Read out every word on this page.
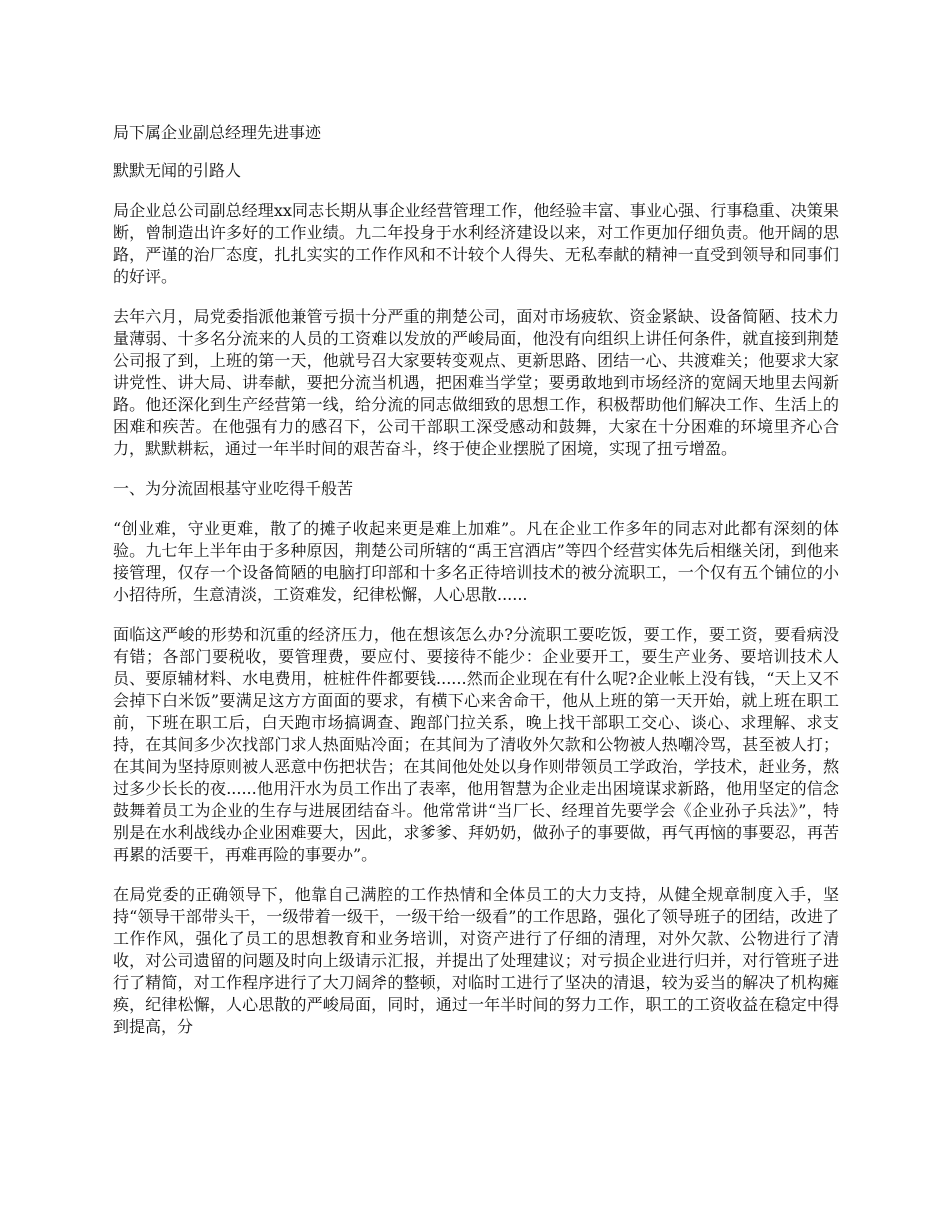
局下属企业副总经理先进事迹

默默无闻的引路人

局企业总公司副总经理xx同志长期从事企业经营管理工作，他经验丰富、事业心强、行事稳重、决策果断，曾制造出许多好的工作业绩。九二年投身于水利经济建设以来，对工作更加仔细负责。他开阔的思路，严谨的治厂态度，扎扎实实的工作作风和不计较个人得失、无私奉献的精神一直受到领导和同事们的好评。

去年六月，局党委指派他兼管亏损十分严重的荆楚公司，面对市场疲软、资金紧缺、设备简陋、技术力量薄弱、十多名分流来的人员的工资难以发放的严峻局面，他没有向组织上讲任何条件，就直接到荆楚公司报了到，上班的第一天，他就号召大家要转变观点、更新思路、团结一心、共渡难关；他要求大家讲党性、讲大局、讲奉献，要把分流当机遇，把困难当学堂；要勇敢地到市场经济的宽阔天地里去闯新路。他还深化到生产经营第一线，给分流的同志做细致的思想工作，积极帮助他们解决工作、生活上的困难和疾苦。在他强有力的感召下，公司干部职工深受感动和鼓舞，大家在十分困难的环境里齐心合力，默默耕耘，通过一年半时间的艰苦奋斗，终于使企业摆脱了困境，实现了扭亏增盈。

一、为分流固根基守业吃得千般苦

“创业难，守业更难，散了的摊子收起来更是难上加难”。凡在企业工作多年的同志对此都有深刻的体验。九七年上半年由于多种原因，荆楚公司所辖的“禹王宫酒店”等四个经营实体先后相继关闭，到他来接管理，仅存一个设备简陋的电脑打印部和十多名正待培训技术的被分流职工，一个仅有五个铺位的小小招待所，生意清淡，工资难发，纪律松懈，人心思散......

面临这严峻的形势和沉重的经济压力，他在想该怎么办?分流职工要吃饭，要工作，要工资，要看病没有错；各部门要税收，要管理费，要应付、要接待不能少：企业要开工，要生产业务、要培训技术人员、要原辅材料、水电费用，桩桩件件都要钱......然而企业现在有什么呢?企业帐上没有钱，“天上又不会掉下白米饭”要满足这方方面面的要求，有横下心来舍命干，他从上班的第一天开始，就上班在职工前，下班在职工后，白天跑市场搞调查、跑部门拉关系，晚上找干部职工交心、谈心、求理解、求支持，在其间多少次找部门求人热面贴冷面；在其间为了清收外欠款和公物被人热嘲冷骂，甚至被人打；在其间为坚持原则被人恶意中伤把状告；在其间他处处以身作则带领员工学政治，学技术，赶业务，熬过多少长长的夜......他用汗水为员工作出了表率，他用智慧为企业走出困境谋求新路，他用坚定的信念鼓舞着员工为企业的生存与进展团结奋斗。他常常讲“当厂长、经理首先要学会《企业孙子兵法》”，特别是在水利战线办企业困难要大，因此，求爹爹、拜奶奶，做孙子的事要做，再气再恼的事要忍，再苦再累的活要干，再难再险的事要办”。

在局党委的正确领导下，他靠自己满腔的工作热情和全体员工的大力支持，从健全规章制度入手，坚持“领导干部带头干，一级带着一级干，一级干给一级看”的工作思路，强化了领导班子的团结，改进了工作作风，强化了员工的思想教育和业务培训，对资产进行了仔细的清理，对外欠款、公物进行了清收，对公司遗留的问题及时向上级请示汇报，并提出了处理建议；对亏损企业进行归并，对行管班子进行了精简，对工作程序进行了大刀阔斧的整顿，对临时工进行了坚决的清退，较为妥当的解决了机构瘫痪，纪律松懈，人心思散的严峻局面，同时，通过一年半时间的努力工作，职工的工资收益在稳定中得到提高，分
